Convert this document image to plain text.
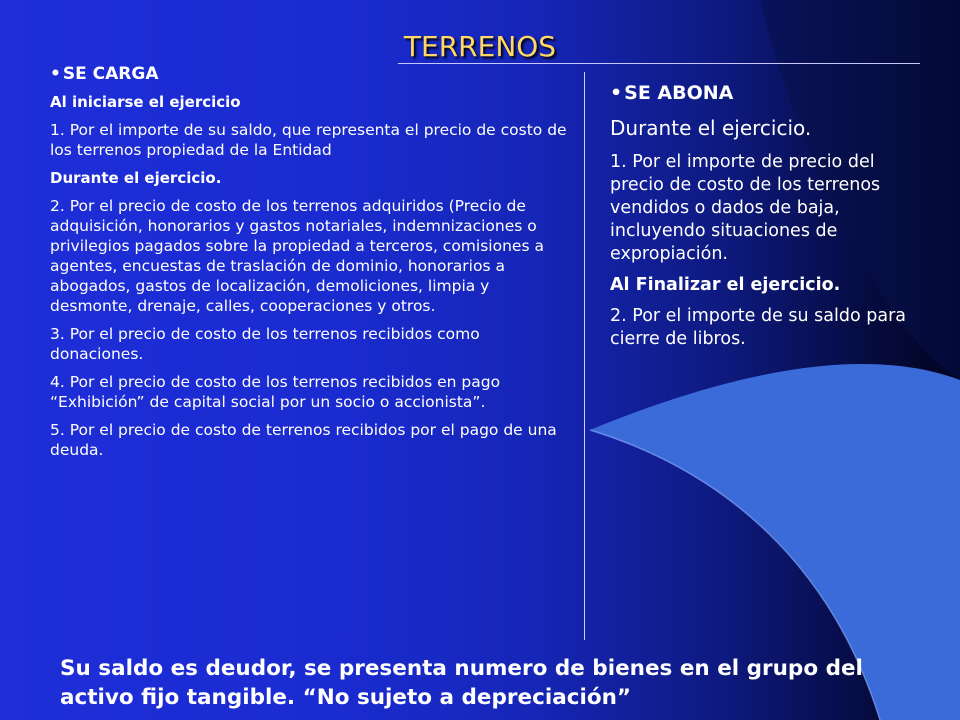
TERRENOS

• SE CARGA

Al iniciarse el ejercicio

1. Por el importe de su saldo, que representa el precio de costo de los terrenos propiedad de la Entidad

Durante el ejercicio.

2. Por el precio de costo de los terrenos adquiridos (Precio de adquisición, honorarios y gastos notariales, indemnizaciones o privilegios pagados sobre la propiedad a terceros, comisiones a agentes, encuestas de traslación de dominio, honorarios a abogados, gastos de localización, demoliciones, limpia y desmonte, drenaje, calles, cooperaciones y otros.

3. Por el precio de costo de los terrenos recibidos como donaciones.

4. Por el precio de costo de los terrenos recibidos en pago “Exhibición” de capital social por un socio o accionista”.

5. Por el precio de costo de terrenos recibidos por el pago de una deuda.

• SE ABONA

Durante el ejercicio.

1. Por el importe de precio del precio de costo de los terrenos vendidos o dados de baja, incluyendo situaciones de expropiación.

Al Finalizar el ejercicio.

2. Por el importe de su saldo para cierre de libros.

Su saldo es deudor, se presenta numero de bienes en el grupo del activo fijo tangible. “No sujeto a depreciación”
